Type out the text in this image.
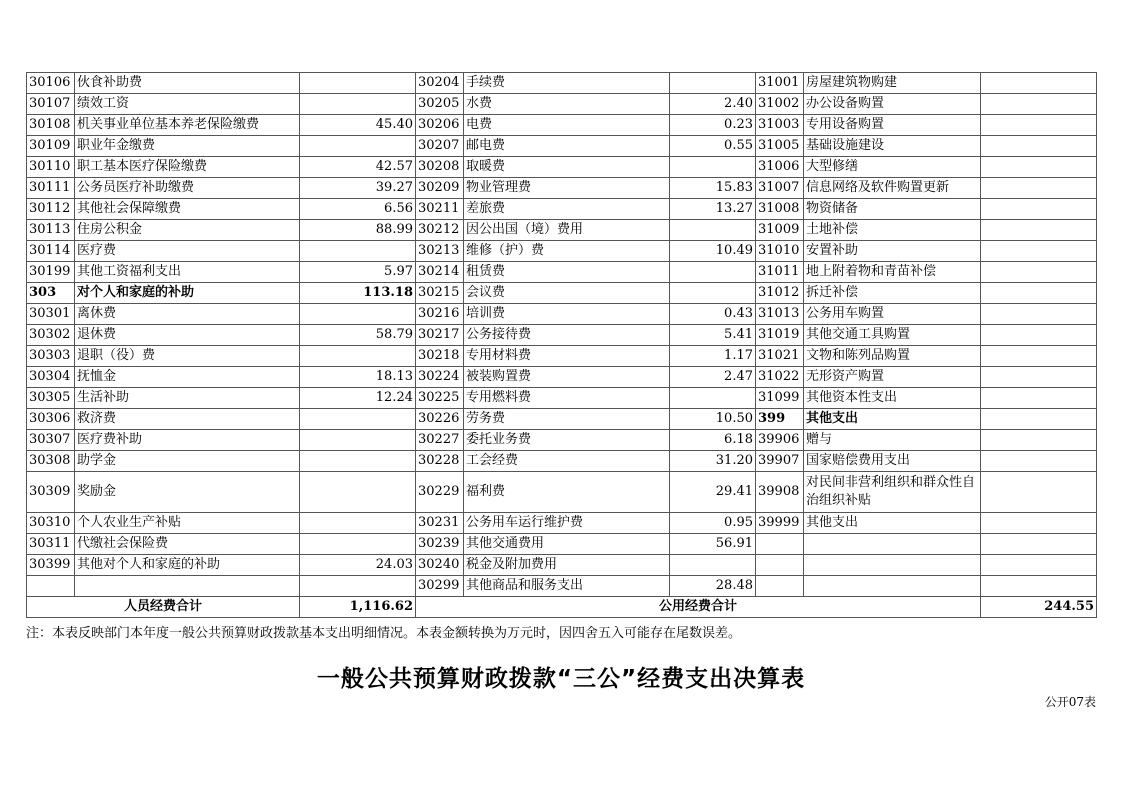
30106	伙食补助费		30204	手续费		31001	房屋建筑物购建	
30107	绩效工资		30205	水费	2.40	31002	办公设备购置	
30108	机关事业单位基本养老保险缴费	45.40	30206	电费	0.23	31003	专用设备购置	
30109	职业年金缴费		30207	邮电费	0.55	31005	基础设施建设	
30110	职工基本医疗保险缴费	42.57	30208	取暖费		31006	大型修缮	
30111	公务员医疗补助缴费	39.27	30209	物业管理费	15.83	31007	信息网络及软件购置更新	
30112	其他社会保障缴费	6.56	30211	差旅费	13.27	31008	物资储备	
30113	住房公积金	88.99	30212	因公出国（境）费用		31009	土地补偿	
30114	医疗费		30213	维修（护）费	10.49	31010	安置补助	
30199	其他工资福利支出	5.97	30214	租赁费		31011	地上附着物和青苗补偿	
303	对个人和家庭的补助	113.18	30215	会议费		31012	拆迁补偿	
30301	离休费		30216	培训费	0.43	31013	公务用车购置	
30302	退休费	58.79	30217	公务接待费	5.41	31019	其他交通工具购置	
30303	退职（役）费		30218	专用材料费	1.17	31021	文物和陈列品购置	
30304	抚恤金	18.13	30224	被装购置费	2.47	31022	无形资产购置	
30305	生活补助	12.24	30225	专用燃料费		31099	其他资本性支出	
30306	救济费		30226	劳务费	10.50	399	其他支出	
30307	医疗费补助		30227	委托业务费	6.18	39906	赠与	
30308	助学金		30228	工会经费	31.20	39907	国家赔偿费用支出	
30309	奖励金		30229	福利费	29.41	39908	对民间非营利组织和群众性自治组织补贴	
30310	个人农业生产补贴		30231	公务用车运行维护费	0.95	39999	其他支出	
30311	代缴社会保险费		30239	其他交通费用	56.91			
30399	其他对个人和家庭的补助	24.03	30240	税金及附加费用				
			30299	其他商品和服务支出	28.48			
人员经费合计		1,116.62	公用经费合计					244.55
注：本表反映部门本年度一般公共预算财政拨款基本支出明细情况。本表金额转换为万元时，因四舍五入可能存在尾数误差。
一般公共预算财政拨款“三公”经费支出决算表
公开07表
